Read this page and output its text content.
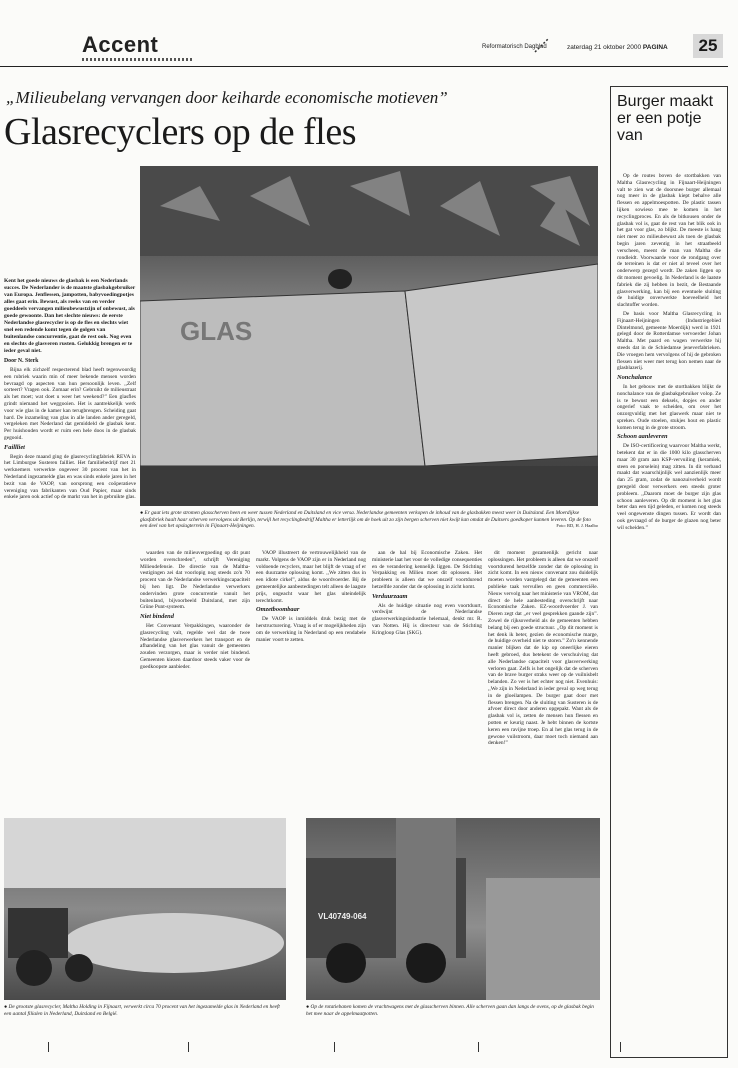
Accent	Reformatorisch Dagblad	zaterdag 21 oktober 2000 PAGINA	25
„Milieubelang vervangen door keiharde economische motieven”
Glasrecyclers op de fles
GLAS
● Er gaat iets grote stromen glasscherven heen en weer tussen Nederland en Duitsland en vice versa. Nederlandse gemeenten verkopen de inhoud van de glasbakken meest weer in Duitsland. Een Moerdijkse glasfabriek haalt haar scherven vervolgens uit Berlijn, terwijl het recyclingbedrijf Maltha er letterlijk om de hoek uit zo zijn bergen scherven niet kwijt kan omdat de Duitsers goedkoper kunnen leveren. Op de foto een deel van het opslagterrein in Fijnaart-Heijningen.	Foto: RD, H. J. Haalbo
Kent het goede nieuws de glasbak is een Nederlands succes. De Nederlander is de maatste glasbakgebruiker van Europa. Jenflessen, jampotten, babyvoedingpotjes alles gaat erin. Bewust, als reeks van en verder goeddeels vervangen milieubewustzijn of onbewust, als goede gewoonte. Dan het slechte nieuws: de eerste Nederlandse glasrecycler is op de fles en slechts wiet snel een redende komt tegen de golgen van buitenlandse concurrentie, gaat de rest ook. Nog even en slechts de glasveren rusten. Gelukkig brengen er te ieder geval niet.
Door N. Sterk

Bijna elk zichzelf respecterend blad heeft tegenwoordig een rubriek waarin min of meer bekende mensen worden bevraagd op aspecten van hun persoonlijk leven. ,,Zelf sorteert? Vragen ook. Zomaar erin? Gebruikt de milieustraat als het moet; wat doet u weer het weekend?” Een glasfles grindt niemand het weggooien. Het is aantrekkelijk werk voor wie glas in de kamer kan terugbrengen. Scheiding gaat hard. De inzameling van glas in alle landen ander geregeld, vergeleken met Nederland dat gemiddeld de glasbak kent. Per huishouden wordt er ruim een hele doos in de glasbak gegooid.

Faillliet

Begin deze maand ging de glasrecyclingfabriek REVA in het Limburgse Susteren failliet. Het familiebedrijf met 21 werknemers verwerkte ongeveer 30 procent van het in Nederland ingezamelde glas en was sinds enkele jaren in het bezit van de VAOP, van oorsprong een coöperatieve vereniging van fabrikanten van Oud Papier, maar sinds enkele jaren ook actief op de markt van het in gebruikte glas.

waarden van de milieuvergoeding op dit punt worden overschreden”, schrijft Vereniging Milieudefensie. De directie van de Maltha-vestigingen zei dat voorlopig nog steeds zo'n 70 procent van de Nederlandse verwerkingscapaciteit bij hen ligt. De Nederlandse verwerkers ondervinden grote concurrentie vanuit het buitenland, bijvoorbeeld Duitsland, met zijn Grüne Punt-systeem.

Niet bindend

Het Convenant Verpakkingen, waaronder de glasrecycling valt, regelde wel dat de twee Nederlandse glasverwerkers het transport en de afhandeling van het glas vanuit de gemeenten zouden verzorgen, maar is verder niet bindend. Gemeenten kiezen daardoor steeds vaker voor de goedkoopste aanbieder.

VAOP illustreert de vertrouwelijkheid van de markt. Volgens de VAOP zijn er in Nederland nog voldoende recyclers, maar het blijft de vraag of er een duurzame oplossing komt. ,,We zitten dus in een idiote cirkel”, aldus de woordvoerder. Bij de gemeentelijke aanbestedingen telt alleen de laagste prijs, ongeacht waar het glas uiteindelijk terechtkomt.

Omzetboombaar

De VAOP is inmiddels druk bezig met de herstructurering. Vraag is of er mogelijkheden zijn om de verwerking in Nederland op een rendabele manier voort te zetten.

aan de hal bij Economische Zaken. Het ministerie laat het voor de volledige consequenties en de verandering kennelijk liggen. De Stichting Verpakking en Milieu moet dit oplossen. Het probleem is alleen dat we onszelf voortdurend hetzelfde zonder dat de oplossing in zicht komt.

Verduurzaam

Als de huidige situatie nog even voortduurt, verdwijnt de Nederlandse glasverwerkingsindustrie helemaal, denkt mr. R. van Notten. Hij is directeur van de Stichting Kringloop Glas (SKG).

dit moment gezamenlijk gericht naar oplossingen. Het probleem is alleen dat we onszelf voortdurend hetzelfde zonder dat de oplossing in zicht komt. In een nieuw convenant zou duidelijk moeten worden vastgelegd dat de gemeenten een publieke taak vervullen en geen commerciële. Nieuw vervolg naar het ministerie van VROM, dat direct de hele aanbesteding overschrijft naar Economische Zaken. EZ-woordvoerder J. van Dieren zegt dat ,,er veel gesprekken gaande zijn”. Zowel de rijksoverheid als de gemeenten hebben belang bij een goede structuur. ,,Op dit moment is het denk ik beter, gezien de economische marge, de huidige overheid niet te storen.” Zo'n kennende manier blijken dat de kip op oneerlijke eieren heeft gebroed, dus betekent de verschuiving dat alle Nederlandse capaciteit voor glasverwerking verloren gaat. Zelfs is het ongelijk dat de scherven van de brave burger straks weer op de vuilnisbelt belanden. Zo ver is het echter nog niet. Evenhuis: ,,We zijn in Nederland in ieder geval op weg terug in de gloeilampen. De burger gaat door met flessen brengen. Na de sluiting van Susteren is de afvoer direct door anderen opgepakt. Want als de glasbak vol is, zetten de mensen hun flessen en potten er keurig naast. Je hebt binnen de kortste keren een ravijne troep. En al het glas terug in de gewone vuilstroom, daar moet toch niemand aan denken!”

● De grootste glasrecycler, Maltha Holding in Fijnaart, verwerkt circa 70 procent van het ingezamelde glas in Nederland en heeft een aantal filialen in Nederland, Duitsland en België.
VL40749-064
● Op de rotatiebanen komen de vrachtwagens met de glasscherven binnen. Alle scherven gaan dan langs de ovens, op de glasbak begin het mee naar de appelmaatpotten.
Burger maakt er een potje van

Op de routes boven de stortbakken van Maltha Glasrecycling in Fijnaart-Heijningen valt te zien wat de doorsnee burger allemaal nog meer in de glasbak kiept behalve alle flessen en appelmoespotten. De plastic tassen lijken sowieso mee te komen in het recyclingproces. En als de bitkousen onder de glasbak vol is, gaat de rest van het blik ook in het gat voor glas, zo blijkt. De meeste is hang niet meer zo milieubewust als toen de glasbak begin jaren zeventig in het straatbeeld verscheen, meent de man van Maltha die rondleidt. Voorwaarde voor de rondgang over de terreinen is dat er niet al teveel over het onderwerp gezegd wordt. De zaken liggen op dit moment gevoelig. In Nederland is de laatste fabriek die zij hebben in bezit, de Bestaande glasverwerking, kan bij een eventuele sluiting de huidige onverwerkte hoeveelheid het slachtoffer worden.

De basis voor Maltha Glasrecycling in Fijnaart-Heijningen (Industriegebied Dintelmond, gemeente Moerdijk) werd in 1921 gelegd door de Rotterdamse vervoerder Johan Maltha. Met paard en wagen verwerkte hij steeds dat in de Schiedamse jeneverfabrieken. Die vroegen hem vervolgens of hij de gebroken flessen niet weer met terug kon nemen naar de glasblazerij.

Nonchalance

In het gebouw met de stortbakken blijkt de nonchalance van de glasbakgebruiker volop. Ze is te bewust een deksels, dopjes en ander ongerief vaak te scheiden, om over het onzorgvuldig met het glaswerk maar niet te spreken. Oude stoelen, stukjes hout en plastic komen terug in de grote stroom.

Schoon aanleveren

De ISO-certificering waarvoor Maltha werkt, betekent dat er in die 1000 kilo glasscherven maar 30 gram aan KSP-vervuiling (keramiek, steen en porselein) mag zitten. In dit verband maakt dat waarschijnlijk wel aanzienlijk meer dan 25 gram, zodat de nanozuiverheid wordt geregeld door verwerkers een steeds groter probleem. ,,Daarom moet de burger zijn glas schoon aanleveren. Op dit moment is het glas beter dan een tijd geleden, er komen nog steeds veel ongewenste dingen tussen. Er wordt dan ook gevraagd of de burger de glazen nog beter wil scheiden.”
